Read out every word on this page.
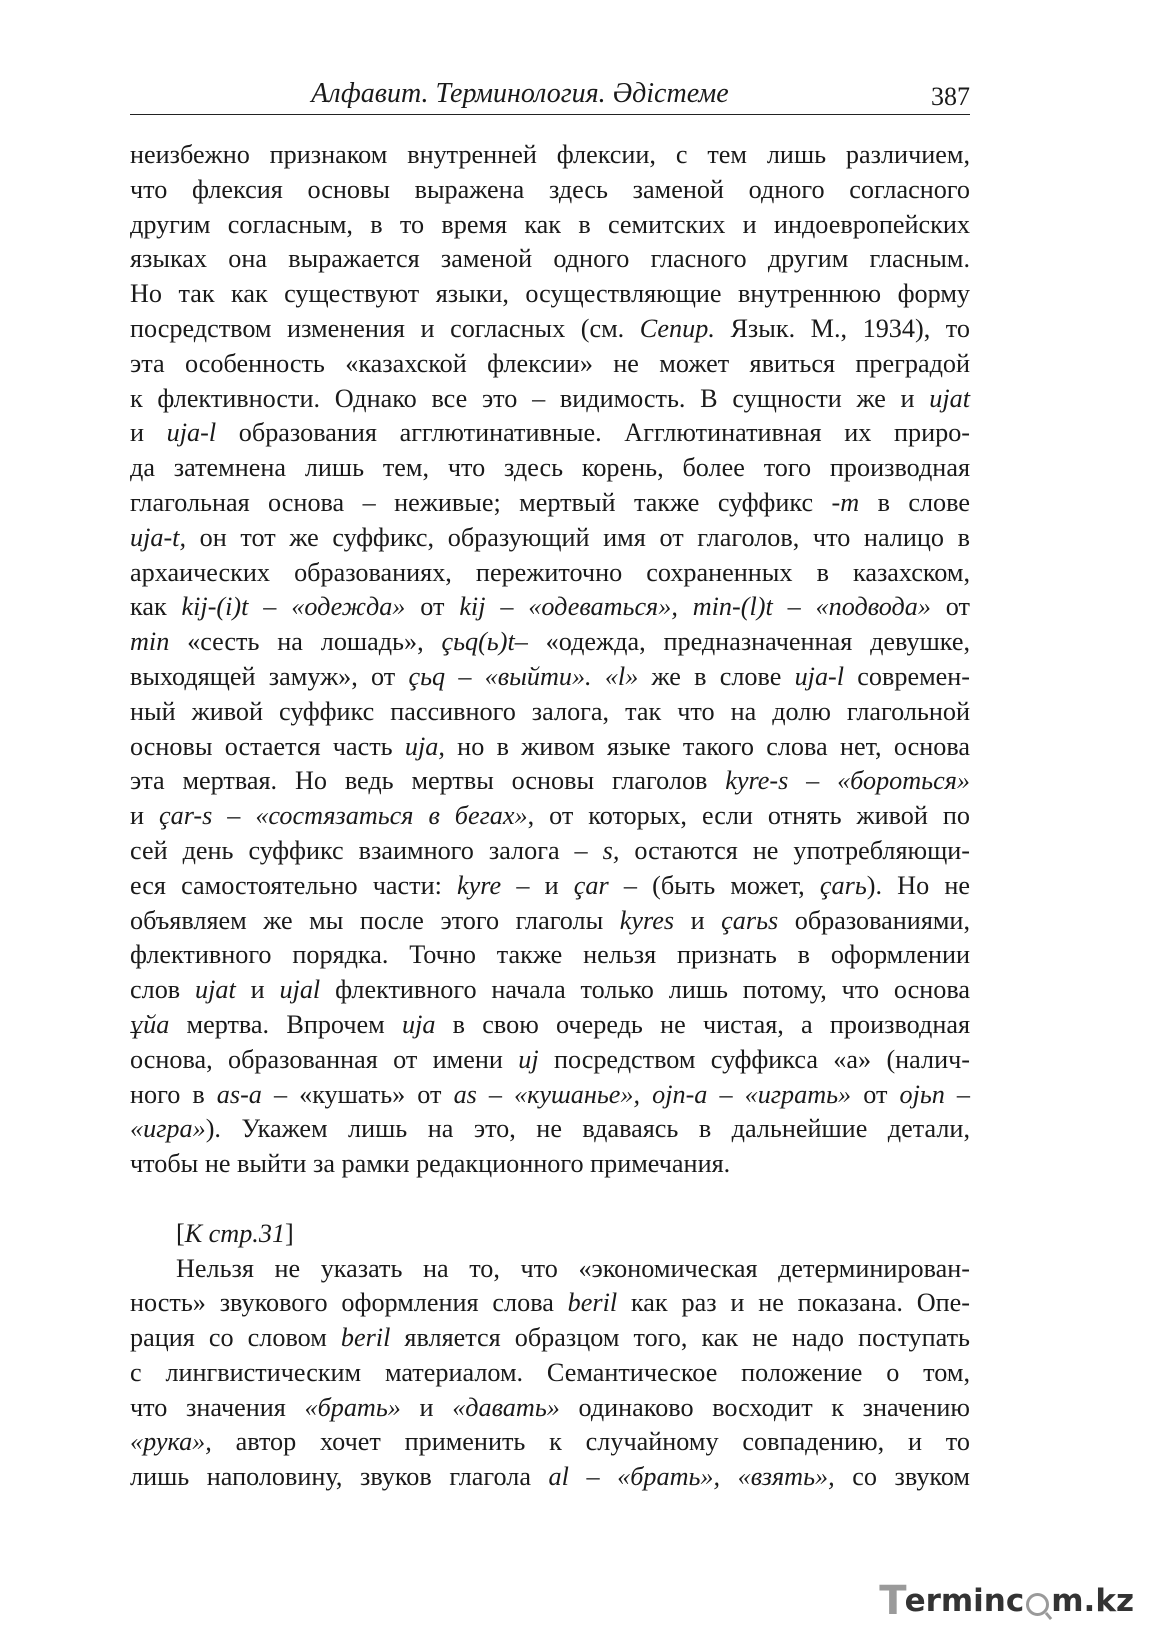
Алфавит. Терминология. Әдістеме	387
неизбежно признаком внутренней флексии, с тем лишь различием,
что флексия основы выражена здесь заменой одного согласного
другим согласным, в то время как в семитских и индоевропейских
языках она выражается заменой одного гласного другим гласным.
Но так как существуют языки, осуществляющие внутреннюю форму
посредством изменения и согласных (см. Сепир. Язык. М., 1934), то
эта особенность «казахской флексии» не может явиться преградой
к флективности. Однако все это – видимость. В сущности же и ujat
и uja-l образования агглютинативные. Агглютинативная их приро-
да затемнена лишь тем, что здесь корень, более того производная
глагольная основа – неживые; мертвый также суффикс -m в слове
uja-t, он тот же суффикс, образующий имя от глаголов, что налицо в
архаических образованиях, пережиточно сохраненных в казахском,
как kij-(i)t – «одежда» от kij – «одеваться», min-(l)t – «подвода» от
min «сесть на лошадь», çьq(ь)t– «одежда, предназначенная девушке,
выходящей замуж», от çьq – «выйти». «l» же в слове uja-l современ-
ный живой суффикс пассивного залога, так что на долю глагольной
основы остается часть uja, но в живом языке такого слова нет, основа
эта мертвая. Но ведь мертвы основы глаголов kyre-s – «бороться»
и çar-s – «состязаться в бегах», от которых, если отнять живой по
сей день суффикс взаимного залога – s, остаются не употребляющи-
еся самостоятельно части: kyre – и çar – (быть может, çarь). Но не
объявляем же мы после этого глаголы kyres и çarьs образованиями,
флективного порядка. Точно также нельзя признать в оформлении
слов ujat и ujal флективного начала только лишь потому, что основа
ұйа мертва. Впрочем uja в свою очередь не чистая, а производная
основа, образованная от имени uj посредством суффикса «а» (налич-
ного в as-a – «кушать» от as – «кушанье», ojn-a – «играть» от ojьn –
«игра»). Укажем лишь на это, не вдаваясь в дальнейшие детали,
чтобы не выйти за рамки редакционного примечания.
[К стр.31]
Нельзя не указать на то, что «экономическая детерминирован-
ность» звукового оформления слова beril как раз и не показана. Опе-
рация со словом beril является образцом того, как не надо поступать
с лингвистическим материалом. Семантическое положение о том,
что значения «брать» и «давать» одинаково восходит к значению
«рука», автор хочет применить к случайному совпадению, и то
лишь наполовину, звуков глагола al – «брать», «взять», со звуком
T
erminc m.kz
